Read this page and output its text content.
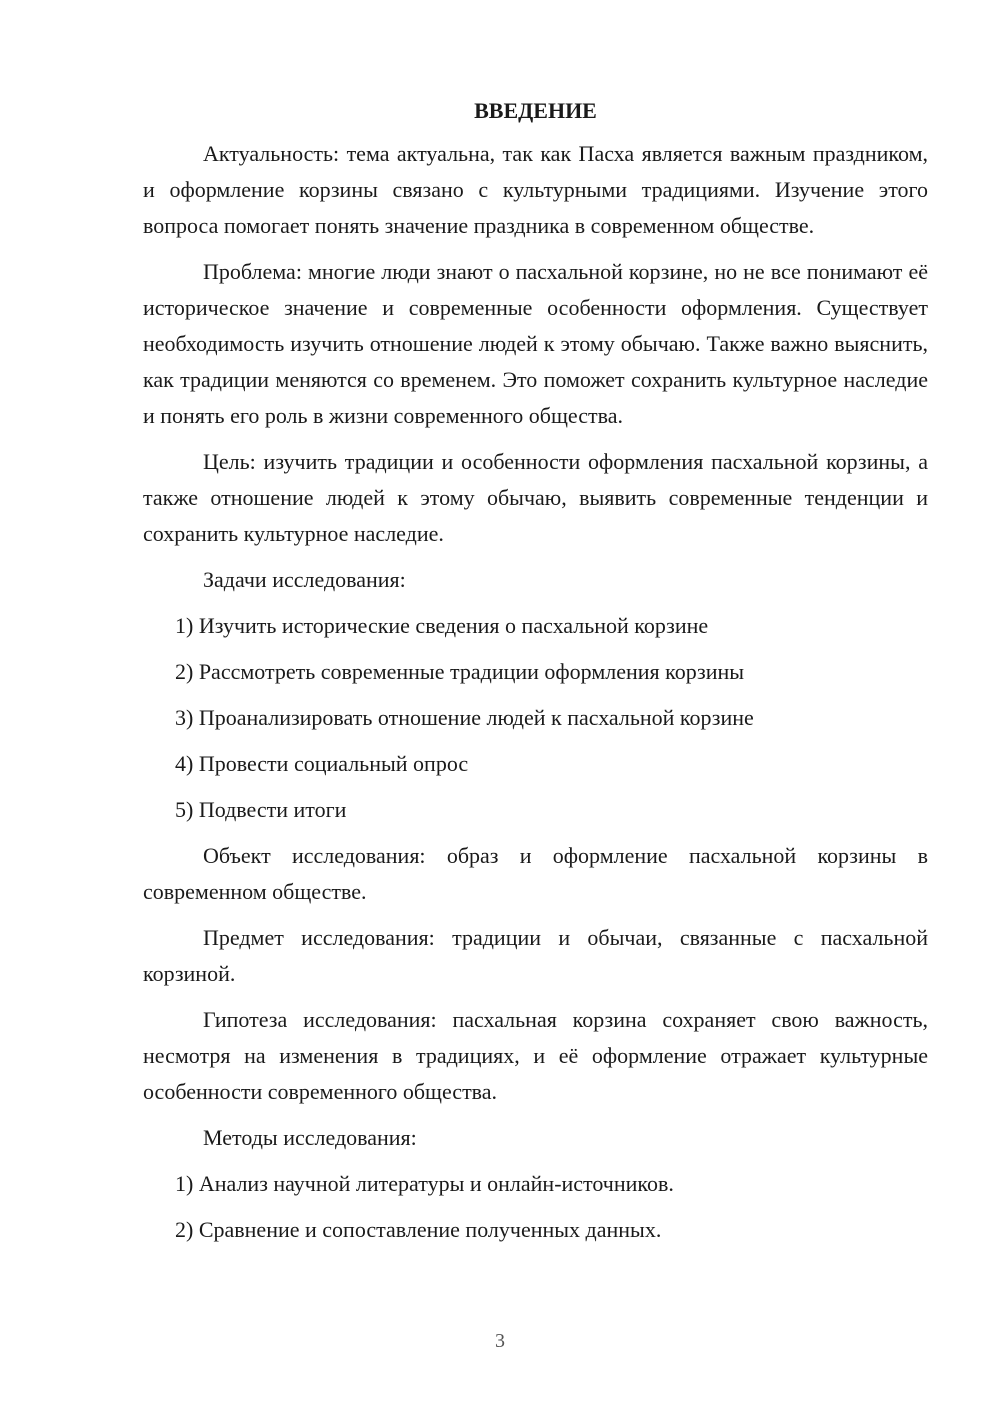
ВВЕДЕНИЕ
Актуальность: тема актуальна, так как Пасха является важным праздником, и оформление корзины связано с культурными традициями. Изучение этого вопроса помогает понять значение праздника в современном обществе.
Проблема: многие люди знают о пасхальной корзине, но не все понимают её историческое значение и современные особенности оформления. Существует необходимость изучить отношение людей к этому обычаю. Также важно выяснить, как традиции меняются со временем. Это поможет сохранить культурное наследие и понять его роль в жизни современного общества.
Цель: изучить традиции и особенности оформления пасхальной корзины, а также отношение людей к этому обычаю, выявить современные тенденции и сохранить культурное наследие.
Задачи исследования:
1) Изучить исторические сведения о пасхальной корзине
2) Рассмотреть современные традиции оформления корзины
3) Проанализировать отношение людей к пасхальной корзине
4) Провести социальный опрос
5) Подвести итоги
Объект исследования: образ и оформление пасхальной корзины в современном обществе.
Предмет исследования: традиции и обычаи, связанные с пасхальной корзиной.
Гипотеза исследования: пасхальная корзина сохраняет свою важность, несмотря на изменения в традициях, и её оформление отражает культурные особенности современного общества.
Методы исследования:
1) Анализ научной литературы и онлайн-источников.
2) Сравнение и сопоставление полученных данных.
3
